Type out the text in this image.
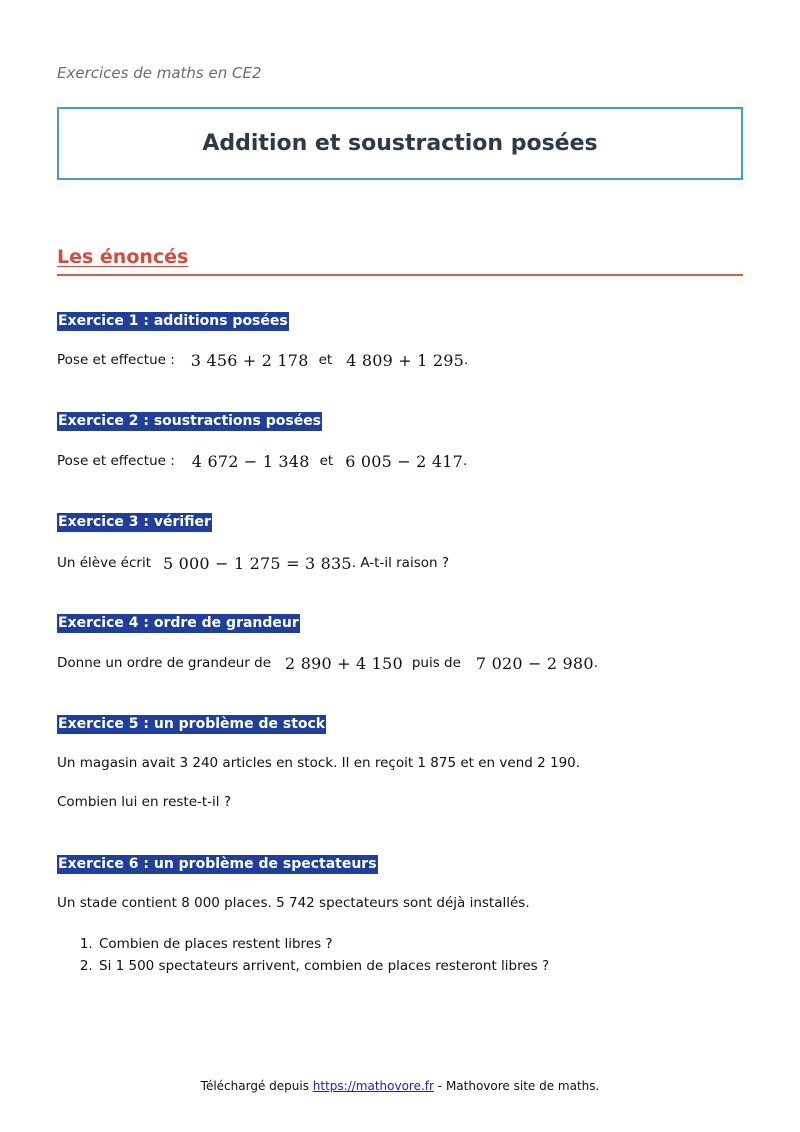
Exercices de maths en CE2
Addition et soustraction posées
Les énoncés
Exercice 1 : additions posées
Pose et effectue : 3 456 + 2 178 et 4 809 + 1 295 .
Exercice 2 : soustractions posées
Pose et effectue : 4 672 − 1 348 et 6 005 − 2 417 .
Exercice 3 : vérifier
Un élève écrit 5 000 − 1 275 = 3 835 . A-t-il raison ?
Exercice 4 : ordre de grandeur
Donne un ordre de grandeur de 2 890 + 4 150 puis de 7 020 − 2 980 .
Exercice 5 : un problème de stock
Un magasin avait 3 240 articles en stock. Il en reçoit 1 875 et en vend 2 190.
Combien lui en reste-t-il ?
Exercice 6 : un problème de spectateurs
Un stade contient 8 000 places. 5 742 spectateurs sont déjà installés.
1. Combien de places restent libres ?
2. Si 1 500 spectateurs arrivent, combien de places resteront libres ?
Téléchargé depuis https://mathovore.fr - Mathovore site de maths.
